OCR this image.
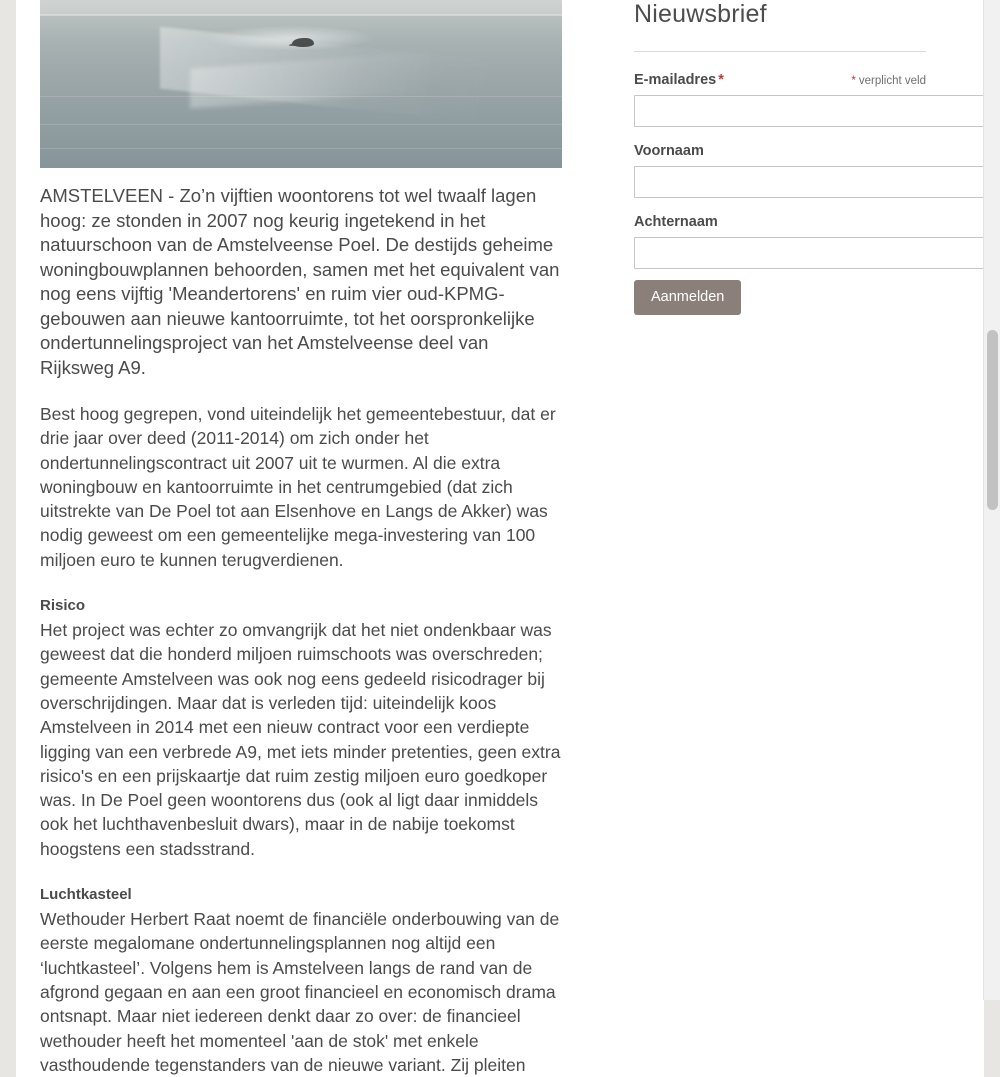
AMSTELVEEN - Zo’n vijftien woontorens tot wel twaalf lagen hoog: ze stonden in 2007 nog keurig ingetekend in het natuurschoon van de Amstelveense Poel. De destijds geheime woningbouwplannen behoorden, samen met het equivalent van nog eens vijftig 'Meandertorens' en ruim vier oud-KPMG-gebouwen aan nieuwe kantoorruimte, tot het oorspronkelijke ondertunnelingsproject van het Amstelveense deel van Rijksweg A9.

Best hoog gegrepen, vond uiteindelijk het gemeentebestuur, dat er drie jaar over deed (2011-2014) om zich onder het ondertunnelingscontract uit 2007 uit te wurmen. Al die extra woningbouw en kantoorruimte in het centrumgebied (dat zich uitstrekte van De Poel tot aan Elsenhove en Langs de Akker) was nodig geweest om een gemeentelijke mega-investering van 100 miljoen euro te kunnen terugverdienen.

Risico

Het project was echter zo omvangrijk dat het niet ondenkbaar was geweest dat die honderd miljoen ruimschoots was overschreden; gemeente Amstelveen was ook nog eens gedeeld risicodrager bij overschrijdingen. Maar dat is verleden tijd: uiteindelijk koos Amstelveen in 2014 met een nieuw contract voor een verdiepte ligging van een verbrede A9, met iets minder pretenties, geen extra risico's en een prijskaartje dat ruim zestig miljoen euro goedkoper was. In De Poel geen woontorens dus (ook al ligt daar inmiddels ook het luchthavenbesluit dwars), maar in de nabije toekomst hoogstens een stadsstrand.

Luchtkasteel

Wethouder Herbert Raat noemt de financiële onderbouwing van de eerste megalomane ondertunnelingsplannen nog altijd een ‘luchtkasteel’. Volgens hem is Amstelveen langs de rand van de afgrond gegaan en aan een groot financieel en economisch drama ontsnapt. Maar niet iedereen denkt daar zo over: de financieel wethouder heeft het momenteel 'aan de stok' met enkele vasthoudende tegenstanders van de nieuwe variant. Zij pleiten

Nieuwsbrief
E-mailadres *	* verplicht veld
Voornaam
Achternaam
Aanmelden
